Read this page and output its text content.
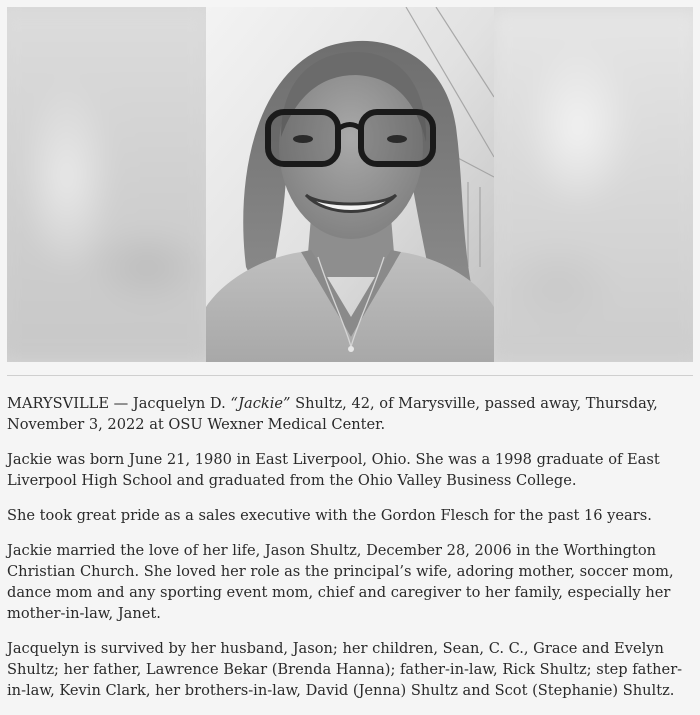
MARYSVILLE — Jacquelyn D. “Jackie” Shultz, 42, of Marysville, passed away, Thursday, November 3, 2022 at OSU Wexner Medical Center.

Jackie was born June 21, 1980 in East Liverpool, Ohio. She was a 1998 graduate of East Liverpool High School and graduated from the Ohio Valley Business College.

She took great pride as a sales executive with the Gordon Flesch for the past 16 years.

Jackie married the love of her life, Jason Shultz, December 28, 2006 in the Worthington Christian Church. She loved her role as the principal’s wife, adoring mother, soccer mom, dance mom and any sporting event mom, chief and caregiver to her family, especially her mother-in-law, Janet.

Jacquelyn is survived by her husband, Jason; her children, Sean, C. C., Grace and Evelyn Shultz; her father, Lawrence Bekar (Brenda Hanna); father-in-law, Rick Shultz; step father-in-law, Kevin Clark, her brothers-in-law, David (Jenna) Shultz and Scot (Stephanie) Shultz.
